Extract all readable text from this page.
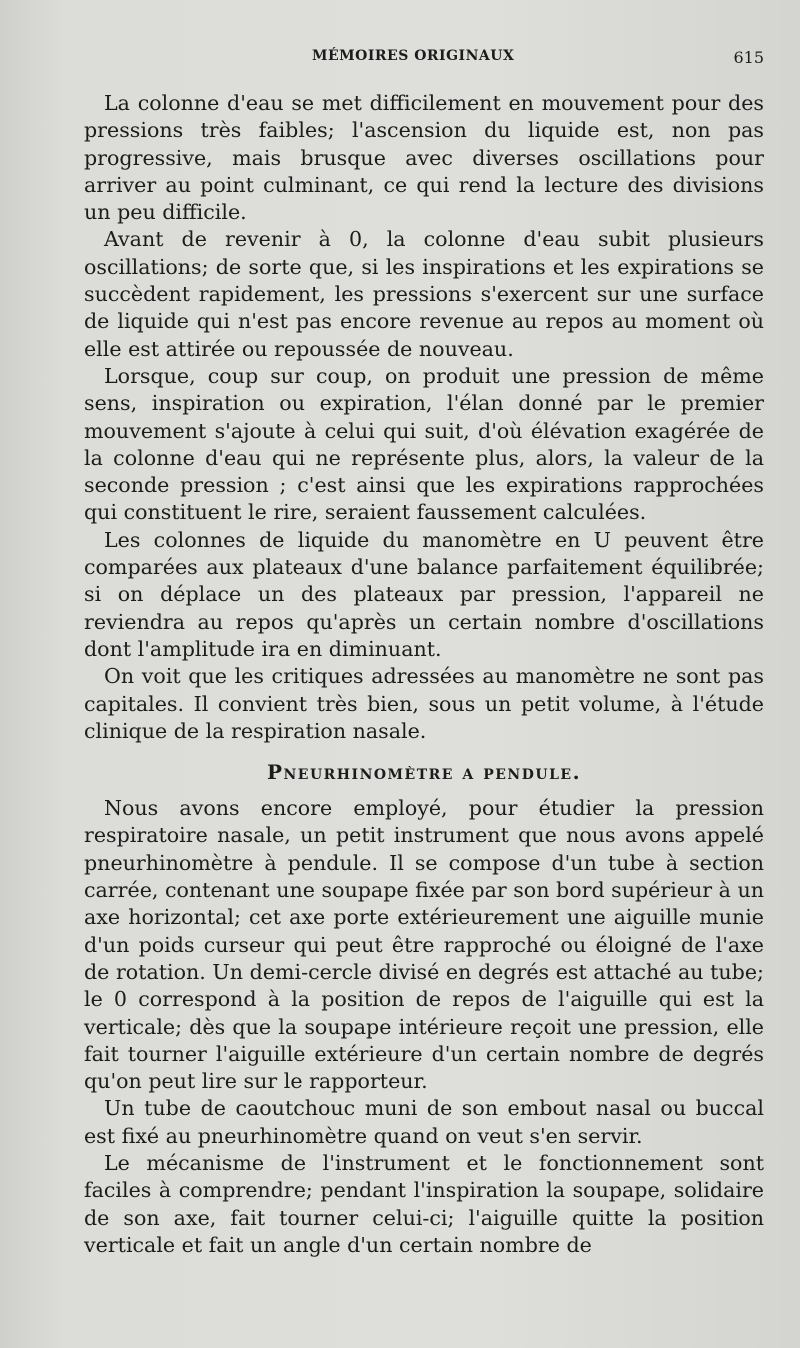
MÉMOIRES ORIGINAUX	615

La colonne d'eau se met difficilement en mouvement pour des pressions très faibles; l'ascension du liquide est, non pas progressive, mais brusque avec diverses oscillations pour arriver au point culminant, ce qui rend la lecture des divisions un peu difficile.

Avant de revenir à 0, la colonne d'eau subit plusieurs oscillations; de sorte que, si les inspirations et les expirations se succèdent rapidement, les pressions s'exercent sur une surface de liquide qui n'est pas encore revenue au repos au moment où elle est attirée ou repoussée de nouveau.

Lorsque, coup sur coup, on produit une pression de même sens, inspiration ou expiration, l'élan donné par le premier mouvement s'ajoute à celui qui suit, d'où élévation exagérée de la colonne d'eau qui ne représente plus, alors, la valeur de la seconde pression ; c'est ainsi que les expirations rapprochées qui constituent le rire, seraient faussement calculées.

Les colonnes de liquide du manomètre en U peuvent être comparées aux plateaux d'une balance parfaitement équilibrée; si on déplace un des plateaux par pression, l'appareil ne reviendra au repos qu'après un certain nombre d'oscillations dont l'amplitude ira en diminuant.

On voit que les critiques adressées au manomètre ne sont pas capitales. Il convient très bien, sous un petit volume, à l'étude clinique de la respiration nasale.

Pneurhinomètre a pendule.

Nous avons encore employé, pour étudier la pression respiratoire nasale, un petit instrument que nous avons appelé pneurhinomètre à pendule. Il se compose d'un tube à section carrée, contenant une soupape fixée par son bord supérieur à un axe horizontal; cet axe porte extérieurement une aiguille munie d'un poids curseur qui peut être rapproché ou éloigné de l'axe de rotation. Un demi-cercle divisé en degrés est attaché au tube; le 0 correspond à la position de repos de l'aiguille qui est la verticale; dès que la soupape intérieure reçoit une pression, elle fait tourner l'aiguille extérieure d'un certain nombre de degrés qu'on peut lire sur le rapporteur.

Un tube de caoutchouc muni de son embout nasal ou buccal est fixé au pneurhinomètre quand on veut s'en servir.

Le mécanisme de l'instrument et le fonctionnement sont faciles à comprendre; pendant l'inspiration la soupape, solidaire de son axe, fait tourner celui-ci; l'aiguille quitte la position verticale et fait un angle d'un certain nombre de
